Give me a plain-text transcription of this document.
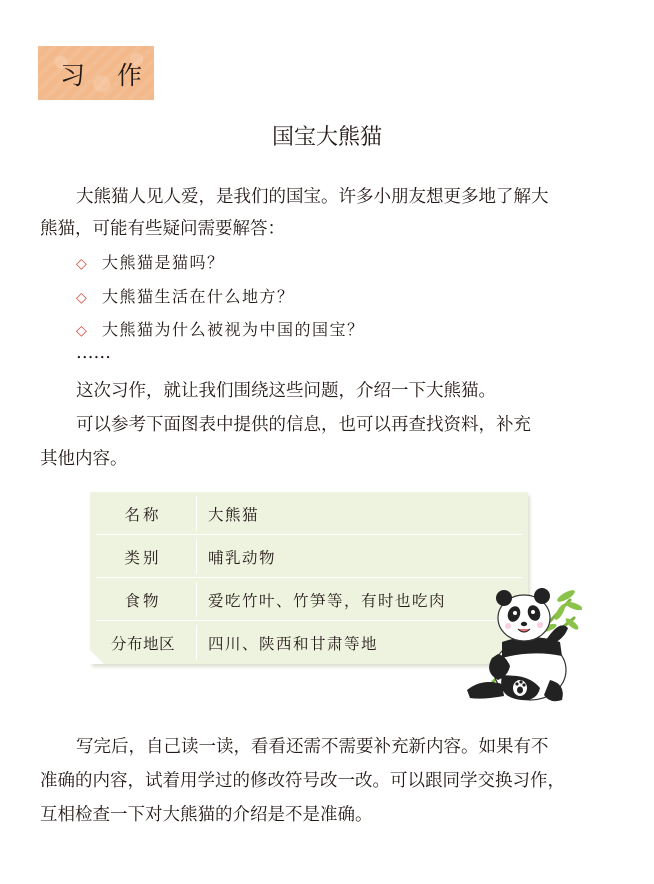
习 作
国宝大熊猫
大熊猫人见人爱，是我们的国宝。许多小朋友想更多地了解大
熊猫，可能有些疑问需要解答：
◇ 大熊猫是猫吗？
◇ 大熊猫生活在什么地方？
◇ 大熊猫为什么被视为中国的国宝？
……
这次习作，就让我们围绕这些问题，介绍一下大熊猫。
可以参考下面图表中提供的信息，也可以再查找资料，补充
其他内容。
名称	大熊猫
类别	哺乳动物
食物	爱吃竹叶、竹笋等，有时也吃肉
分布地区	四川、陕西和甘肃等地
写完后，自己读一读，看看还需不需要补充新内容。如果有不
准确的内容，试着用学过的修改符号改一改。可以跟同学交换习作，
互相检查一下对大熊猫的介绍是不是准确。
